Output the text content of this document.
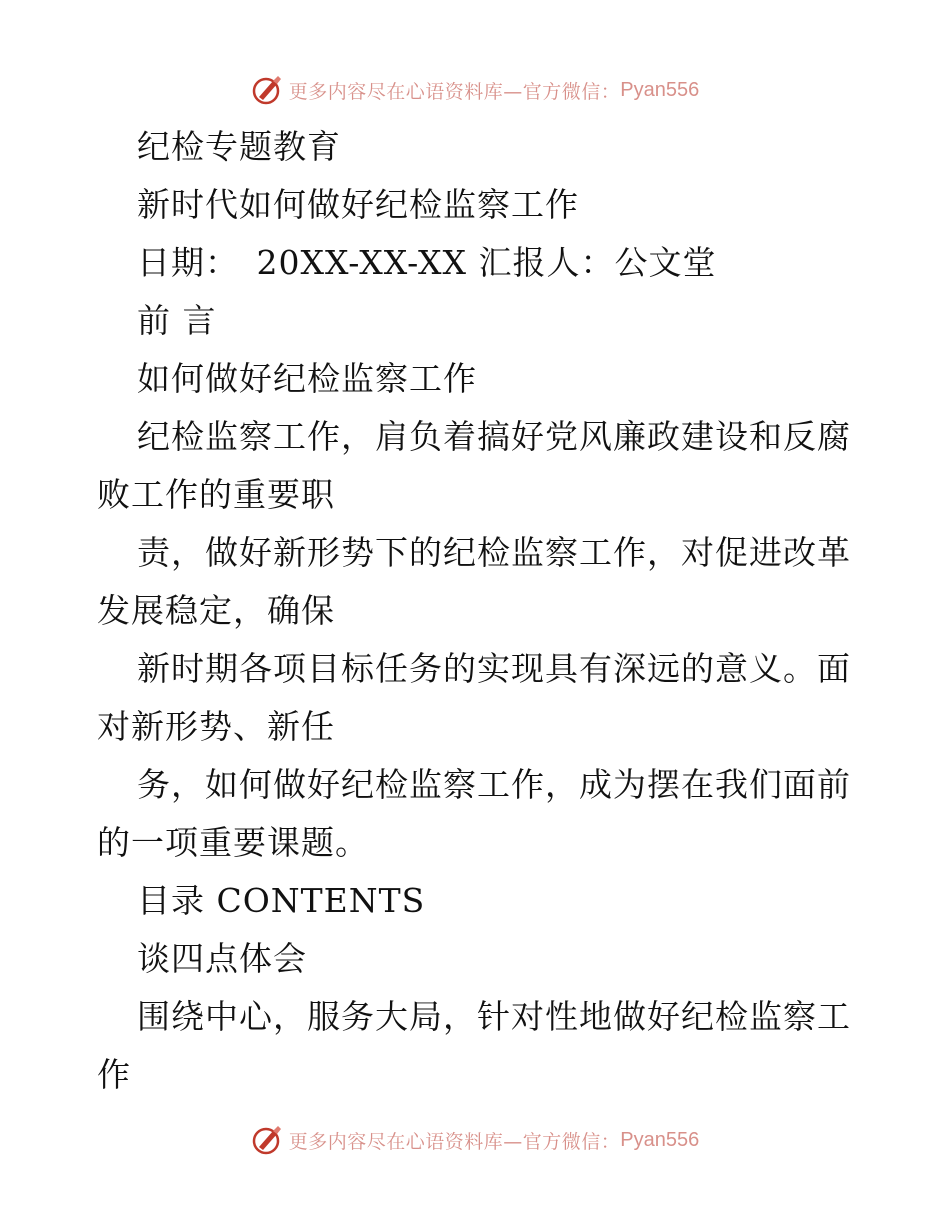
更多内容尽在心语资料库—官方微信： Pyan556
纪检专题教育
新时代如何做好纪检监察工作
日期：　20XX-XX-XX 汇报人：公文堂
前 言
如何做好纪检监察工作
纪检监察工作，肩负着搞好党风廉政建设和反腐
败工作的重要职
责，做好新形势下的纪检监察工作，对促进改革
发展稳定，确保
新时期各项目标任务的实现具有深远的意义。面
对新形势、新任
务，如何做好纪检监察工作，成为摆在我们面前
的一项重要课题。
目录 CONTENTS
谈四点体会
围绕中心，服务大局，针对性地做好纪检监察工
作
更多内容尽在心语资料库—官方微信： Pyan556
